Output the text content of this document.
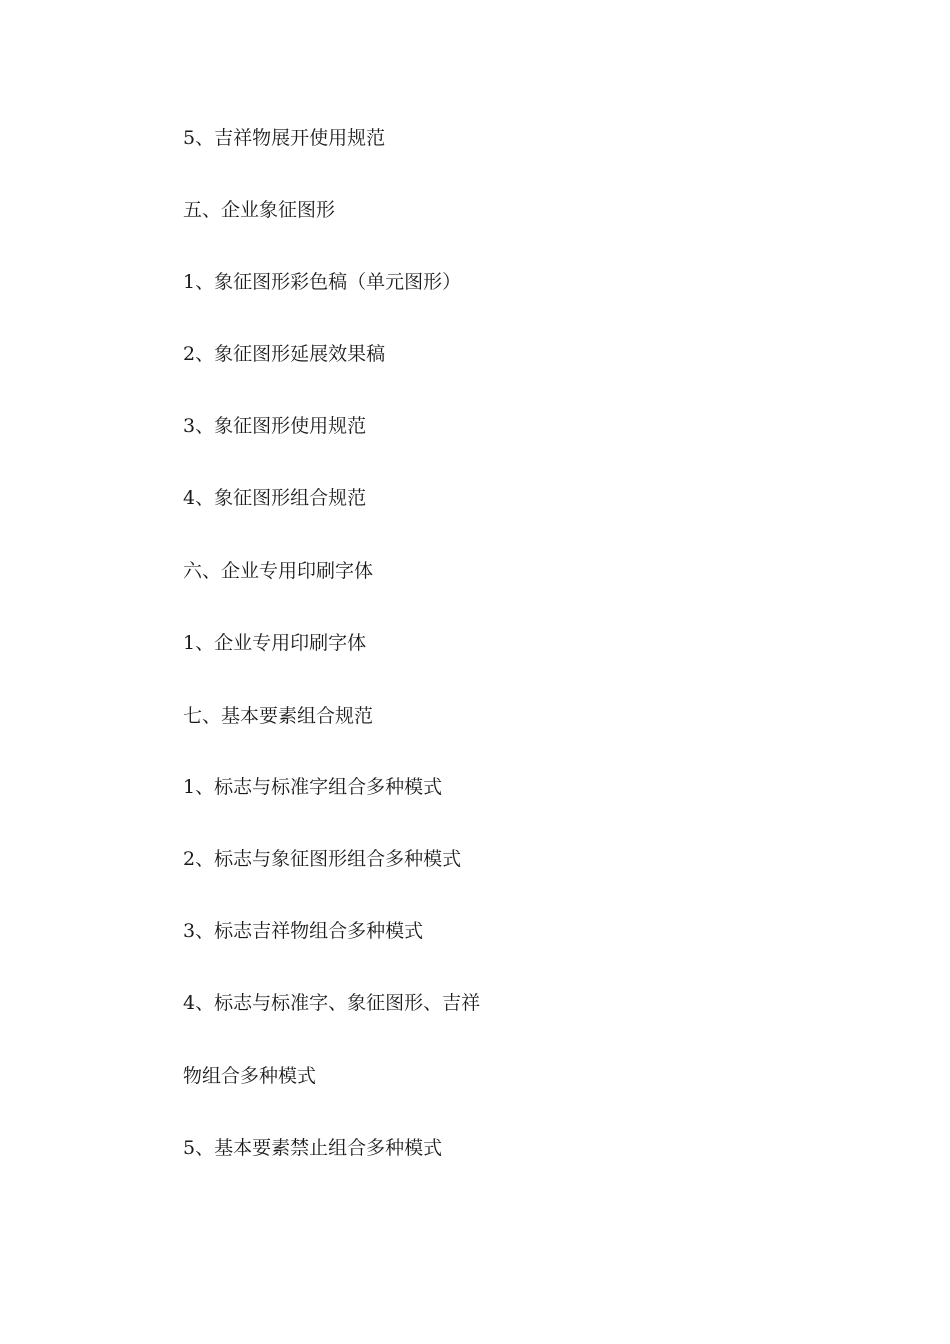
5、吉祥物展开使用规范
五、企业象征图形
1、象征图形彩色稿（单元图形）
2、象征图形延展效果稿
3、象征图形使用规范
4、象征图形组合规范
六、企业专用印刷字体
1、企业专用印刷字体
七、基本要素组合规范
1、标志与标准字组合多种模式
2、标志与象征图形组合多种模式
3、标志吉祥物组合多种模式
4、标志与标准字、象征图形、吉祥
物组合多种模式
5、基本要素禁止组合多种模式
